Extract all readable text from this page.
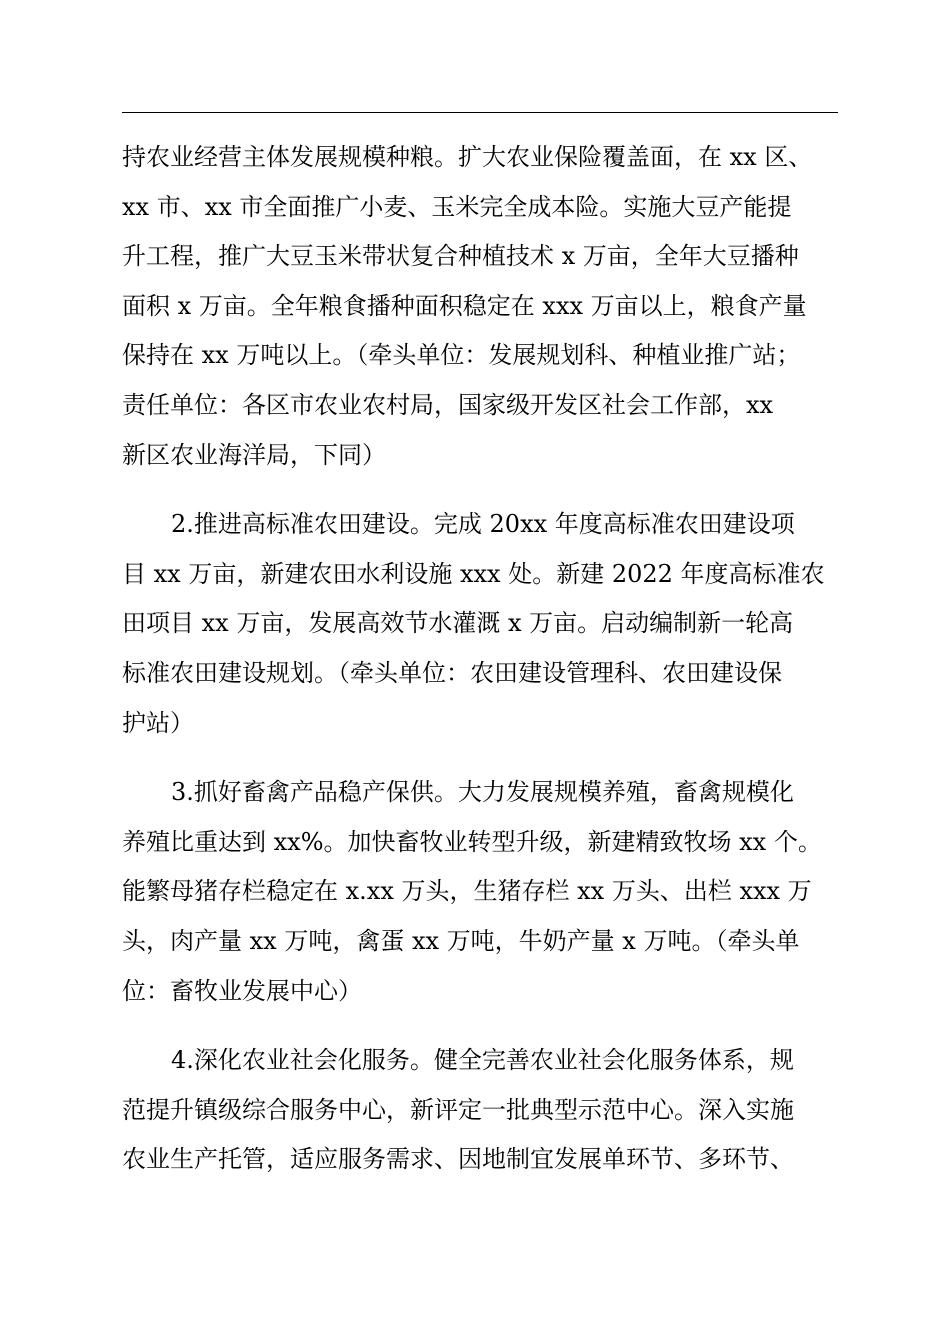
持农业经营主体发展规模种粮。扩大农业保险覆盖面，在 xx 区、
xx 市、xx 市全面推广小麦、玉米完全成本险。实施大豆产能提
升工程，推广大豆玉米带状复合种植技术 x 万亩，全年大豆播种
面积 x 万亩。全年粮食播种面积稳定在 xxx 万亩以上，粮食产量
保持在 xx 万吨以上。（牵头单位：发展规划科、种植业推广站；
责任单位：各区市农业农村局，国家级开发区社会工作部，xx
新区农业海洋局，下同）

2.推进高标准农田建设。完成 20xx 年度高标准农田建设项
目 xx 万亩，新建农田水利设施 xxx 处。新建 2022 年度高标准农
田项目 xx 万亩，发展高效节水灌溉 x 万亩。启动编制新一轮高
标准农田建设规划。（牵头单位：农田建设管理科、农田建设保
护站）

3.抓好畜禽产品稳产保供。大力发展规模养殖，畜禽规模化
养殖比重达到 xx%。加快畜牧业转型升级，新建精致牧场 xx 个。
能繁母猪存栏稳定在 x.xx 万头，生猪存栏 xx 万头、出栏 xxx 万
头，肉产量 xx 万吨，禽蛋 xx 万吨，牛奶产量 x 万吨。（牵头单
位：畜牧业发展中心）

4.深化农业社会化服务。健全完善农业社会化服务体系，规
范提升镇级综合服务中心，新评定一批典型示范中心。深入实施
农业生产托管，适应服务需求、因地制宜发展单环节、多环节、
